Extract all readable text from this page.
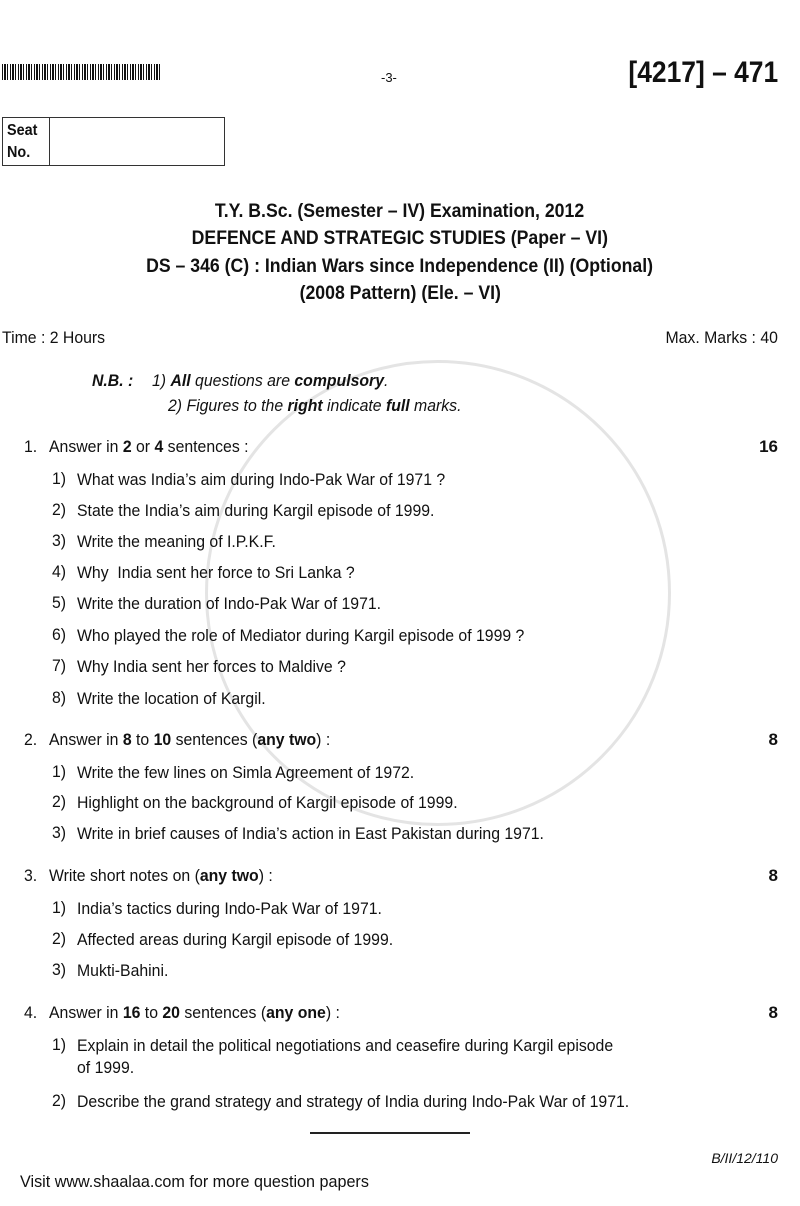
-3-	[4217] – 471
Seat
No.
T.Y. B.Sc. (Semester – IV) Examination, 2012
DEFENCE AND STRATEGIC STUDIES (Paper – VI)
DS – 346 (C) : Indian Wars since Independence (II) (Optional)
(2008 Pattern) (Ele. – VI)
Time : 2 Hours	Max. Marks : 40
N.B. : 1) All questions are compulsory.
2) Figures to the right indicate full marks.
1. Answer in 2 or 4 sentences :	16
1) What was India’s aim during Indo-Pak War of 1971 ?
2) State the India’s aim during Kargil episode of 1999.
3) Write the meaning of I.P.K.F.
4) Why  India sent her force to Sri Lanka ?
5) Write the duration of Indo-Pak War of 1971.
6) Who played the role of Mediator during Kargil episode of 1999 ?
7) Why India sent her forces to Maldive ?
8) Write the location of Kargil.
2. Answer in 8 to 10 sentences (any two) :	8
1) Write the few lines on Simla Agreement of 1972.
2) Highlight on the background of Kargil episode of 1999.
3) Write in brief causes of India’s action in East Pakistan during 1971.
3. Write short notes on (any two) :	8
1) India’s tactics during Indo-Pak War of 1971.
2) Affected areas during Kargil episode of 1999.
3) Mukti-Bahini.
4. Answer in 16 to 20 sentences (any one) :	8
1) Explain in detail the political negotiations and ceasefire during Kargil episode
of 1999.
2) Describe the grand strategy and strategy of India during Indo-Pak War of 1971.
B/II/12/110
Visit www.shaalaa.com for more question papers
